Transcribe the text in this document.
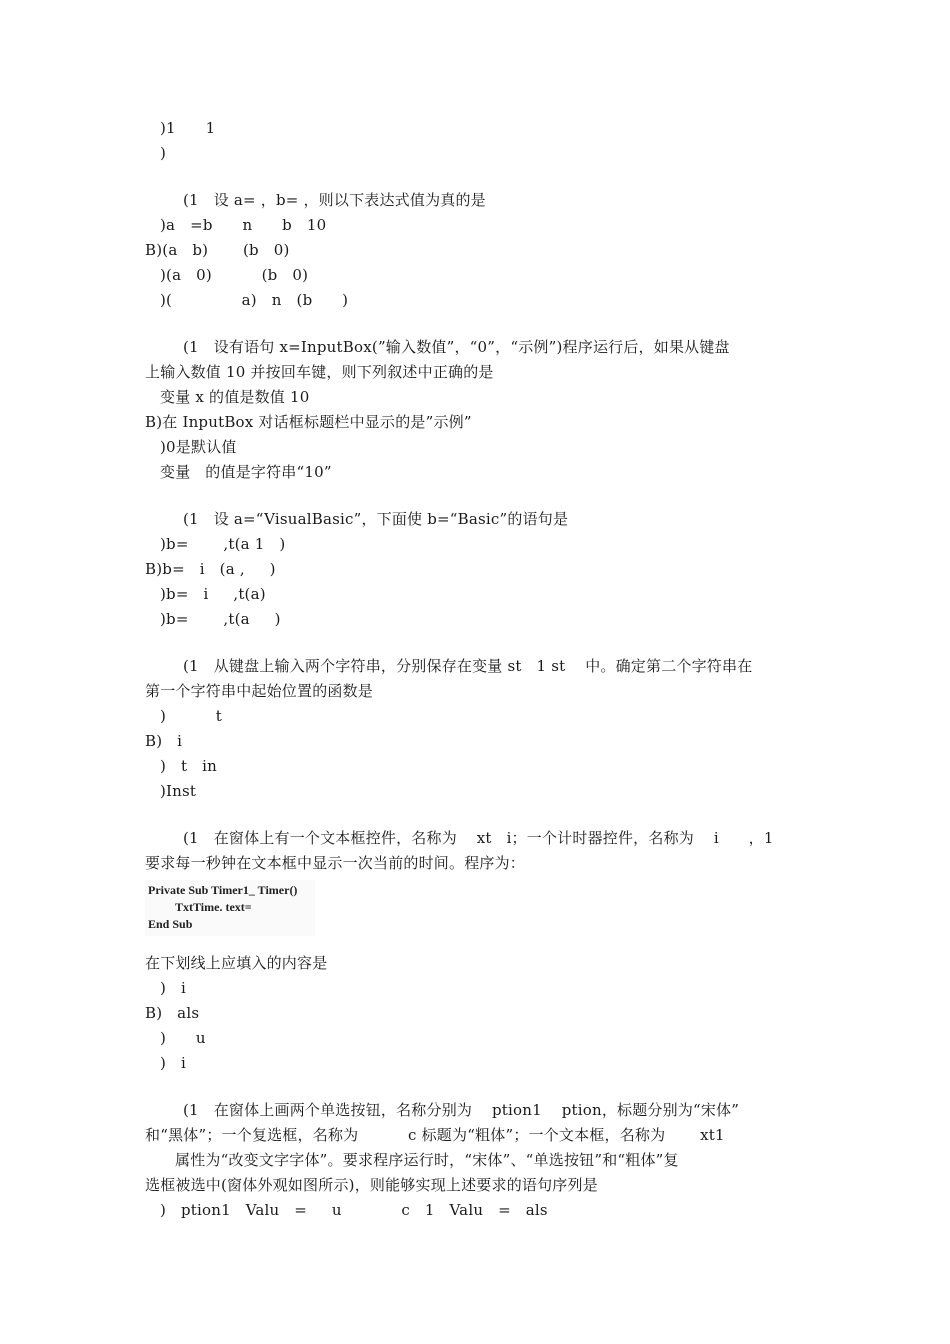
)1      1
)
(1   设 a= ，b= ，则以下表达式值为真的是
)a   =b      n      b   10
B)(a   b)       (b   0)
)(a   0)          (b   0)
)(              a)   n   (b      )
(1   设有语句 x=InputBox(”输入数值”，“0”，“示例”)程序运行后，如果从键盘
上输入数值 10 并按回车键，则下列叙述中正确的是
变量 x 的值是数值 10
B)在 InputBox 对话框标题栏中显示的是”示例”
)0是默认值
变量   的值是字符串“10”
(1   设 a=“VisualBasic”，下面使 b=“Basic”的语句是
)b=       ,t(a 1   )
B)b=   i   (a ,     )
)b=   i     ,t(a)
)b=       ,t(a     )
(1   从键盘上输入两个字符串，分别保存在变量 st   1 st    中。确定第二个字符串在
第一个字符串中起始位置的函数是
)          t
B)   i
)   t   in
)Inst
(1   在窗体上有一个文本框控件，名称为    xt   i；一个计时器控件，名称为    i      ，1
要求每一秒钟在文本框中显示一次当前的时间。程序为：
Private Sub Timer1_ Timer()
TxtTime. text=
End Sub
在下划线上应填入的内容是
)   i
B)   als
)      u
)   i
(1   在窗体上画两个单选按钮，名称分别为    ption1    ption，标题分别为“宋体”
和“黑体”；一个复选框，名称为          c 标题为“粗体”；一个文本框，名称为       xt1
属性为“改变文字字体”。要求程序运行时，“宋体”、“单选按钮”和“粗体”复
选框被选中(窗体外观如图所示)，则能够实现上述要求的语句序列是
)   ption1   Valu   =     u            c   1   Valu   =   als
